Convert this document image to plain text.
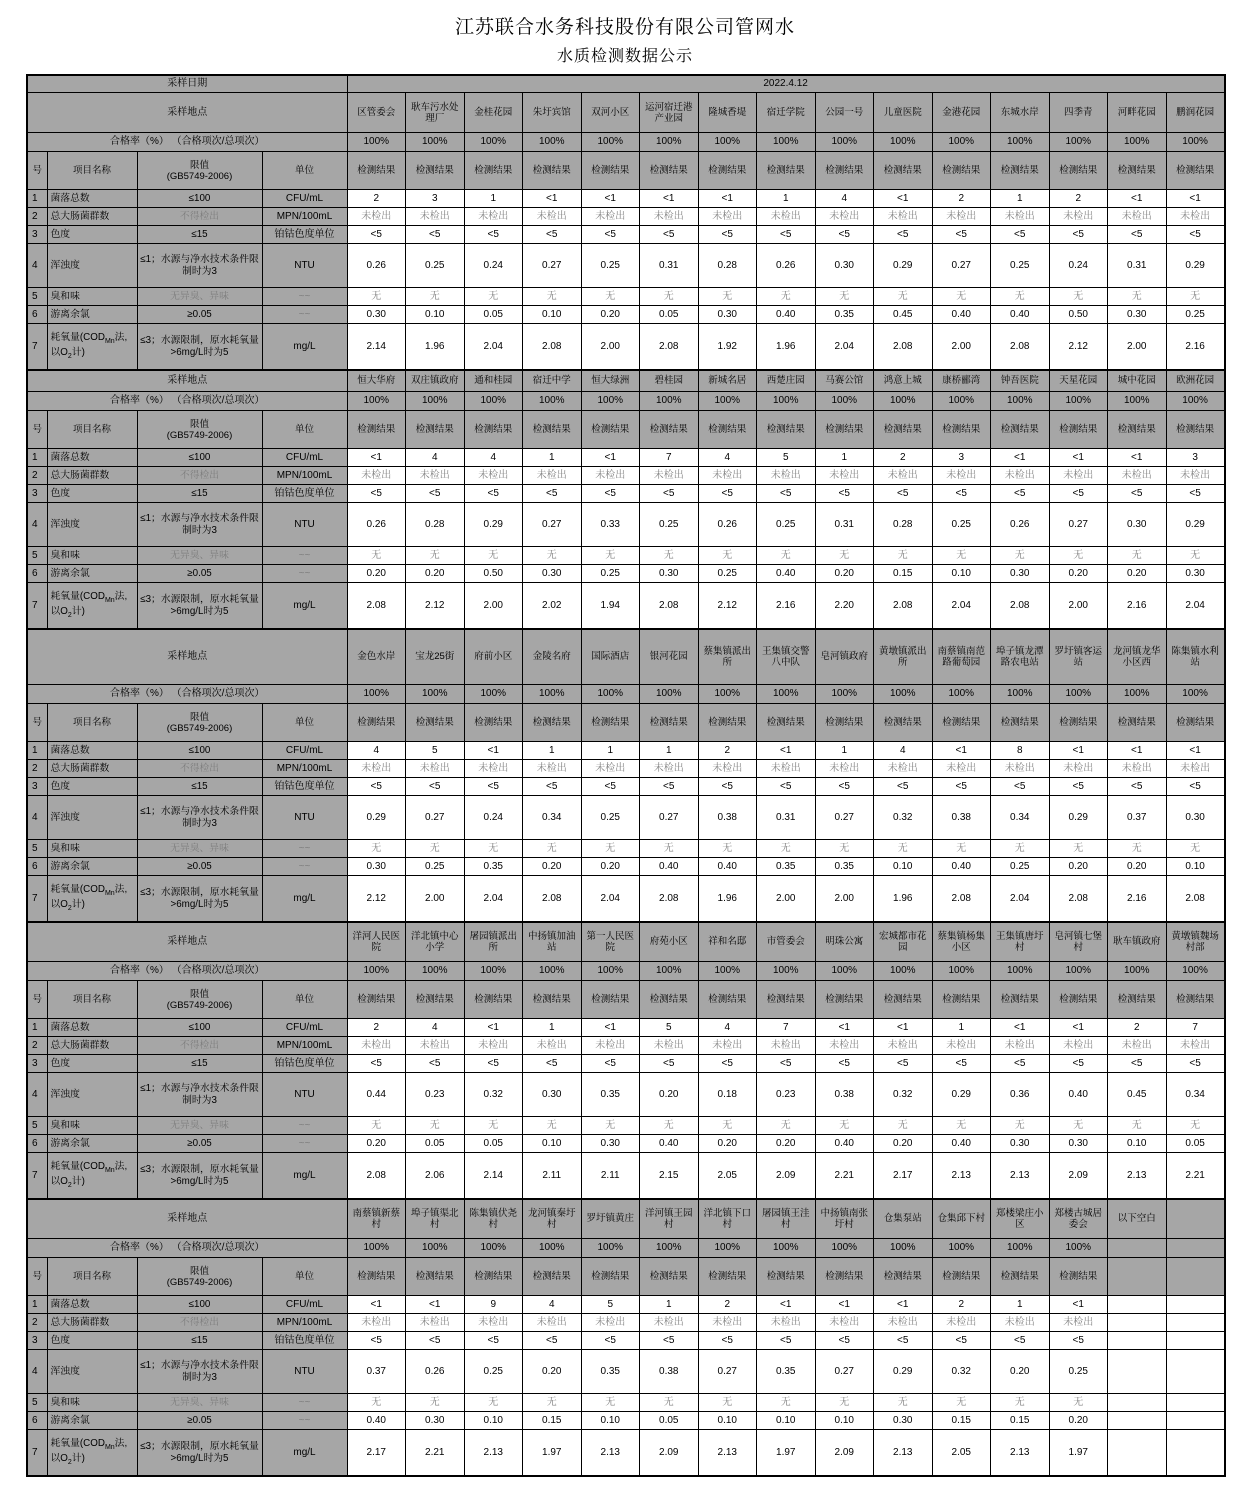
江苏联合水务科技股份有限公司管网水
水质检测数据公示
采样日期				2022.4.12														
采样地点				区管委会	耿车污水处理厂	金桂花园	朱圩宾馆	双河小区	运河宿迁港产业园	隆城香堤	宿迁学院	公园一号	儿童医院	金港花园	东城水岸	四季青	河畔花园	鹏润花园
合格率（%） （合格项次/总项次）				100%	100%	100%	100%	100%	100%	100%	100%	100%	100%	100%	100%	100%	100%	100%
号	项目名称	限值
(GB5749-2006)	单位	检测结果	检测结果	检测结果	检测结果	检测结果	检测结果	检测结果	检测结果	检测结果	检测结果	检测结果	检测结果	检测结果	检测结果	检测结果
1	菌落总数	≤100	CFU/mL	2	3	1	<1	<1	<1	<1	1	4	<1	2	1	2	<1	<1
2	总大肠菌群数	不得检出	MPN/100mL	未检出	未检出	未检出	未检出	未检出	未检出	未检出	未检出	未检出	未检出	未检出	未检出	未检出	未检出	未检出
3	色度	≤15	铂钴色度单位	<5	<5	<5	<5	<5	<5	<5	<5	<5	<5	<5	<5	<5	<5	<5
4	浑浊度	≤1；水源与净水技术条件限制时为3	NTU	0.26	0.25	0.24	0.27	0.25	0.31	0.28	0.26	0.30	0.29	0.27	0.25	0.24	0.31	0.29
5	臭和味	无异臭、异味	~~	无	无	无	无	无	无	无	无	无	无	无	无	无	无	无
6	游离余氯	≥0.05	~~	0.30	0.10	0.05	0.10	0.20	0.05	0.30	0.40	0.35	0.45	0.40	0.40	0.50	0.30	0.25
7	耗氧量($COD_{Mn}$法,以$O_2$计)	≤3；水源限制，原水耗氧量>6mg/L时为5	mg/L	2.14	1.96	2.04	2.08	2.00	2.08	1.92	1.96	2.04	2.08	2.00	2.08	2.12	2.00	2.16
采样地点				恒大华府	双庄镇政府	通和桂园	宿迁中学	恒大绿洲	碧桂园	新城名居	西楚庄园	马赛公馆	鸿意上城	康桥郦湾	钟吾医院	天星花园	城中花园	欧洲花园
合格率（%） （合格项次/总项次）				100%	100%	100%	100%	100%	100%	100%	100%	100%	100%	100%	100%	100%	100%	100%
号	项目名称	限值
(GB5749-2006)	单位	检测结果	检测结果	检测结果	检测结果	检测结果	检测结果	检测结果	检测结果	检测结果	检测结果	检测结果	检测结果	检测结果	检测结果	检测结果
1	菌落总数	≤100	CFU/mL	<1	4	4	1	<1	7	4	5	1	2	3	<1	<1	<1	3
2	总大肠菌群数	不得检出	MPN/100mL	未检出	未检出	未检出	未检出	未检出	未检出	未检出	未检出	未检出	未检出	未检出	未检出	未检出	未检出	未检出
3	色度	≤15	铂钴色度单位	<5	<5	<5	<5	<5	<5	<5	<5	<5	<5	<5	<5	<5	<5	<5
4	浑浊度	≤1；水源与净水技术条件限制时为3	NTU	0.26	0.28	0.29	0.27	0.33	0.25	0.26	0.25	0.31	0.28	0.25	0.26	0.27	0.30	0.29
5	臭和味	无异臭、异味	~~	无	无	无	无	无	无	无	无	无	无	无	无	无	无	无
6	游离余氯	≥0.05	~~	0.20	0.20	0.50	0.30	0.25	0.30	0.25	0.40	0.20	0.15	0.10	0.30	0.20	0.20	0.30
7	耗氧量($COD_{Mn}$法,以$O_2$计)	≤3；水源限制，原水耗氧量>6mg/L时为5	mg/L	2.08	2.12	2.00	2.02	1.94	2.08	2.12	2.16	2.20	2.08	2.04	2.08	2.00	2.16	2.04
采样地点				金色水岸	宝龙25街	府前小区	金陵名府	国际酒店	银河花园	蔡集镇派出所	王集镇交警八中队	皂河镇政府	黄墩镇派出所	南蔡镇南范路葡萄园	埠子镇龙潭路农电站	罗圩镇客运站	龙河镇龙华小区西	陈集镇水利站
合格率（%） （合格项次/总项次）				100%	100%	100%	100%	100%	100%	100%	100%	100%	100%	100%	100%	100%	100%	100%
号	项目名称	限值
(GB5749-2006)	单位	检测结果	检测结果	检测结果	检测结果	检测结果	检测结果	检测结果	检测结果	检测结果	检测结果	检测结果	检测结果	检测结果	检测结果	检测结果
1	菌落总数	≤100	CFU/mL	4	5	<1	1	1	1	2	<1	1	4	<1	8	<1	<1	<1
2	总大肠菌群数	不得检出	MPN/100mL	未检出	未检出	未检出	未检出	未检出	未检出	未检出	未检出	未检出	未检出	未检出	未检出	未检出	未检出	未检出
3	色度	≤15	铂钴色度单位	<5	<5	<5	<5	<5	<5	<5	<5	<5	<5	<5	<5	<5	<5	<5
4	浑浊度	≤1；水源与净水技术条件限制时为3	NTU	0.29	0.27	0.24	0.34	0.25	0.27	0.38	0.31	0.27	0.32	0.38	0.34	0.29	0.37	0.30
5	臭和味	无异臭、异味	~~	无	无	无	无	无	无	无	无	无	无	无	无	无	无	无
6	游离余氯	≥0.05	~~	0.30	0.25	0.35	0.20	0.20	0.40	0.40	0.35	0.35	0.10	0.40	0.25	0.20	0.20	0.10
7	耗氧量($COD_{Mn}$法,以$O_2$计)	≤3；水源限制，原水耗氧量>6mg/L时为5	mg/L	2.12	2.00	2.04	2.08	2.04	2.08	1.96	2.00	2.00	1.96	2.08	2.04	2.08	2.16	2.08
采样地点				洋河人民医院	洋北镇中心小学	屠园镇派出所	中扬镇加油站	第一人民医院	府苑小区	祥和名邸	市管委会	明珠公寓	宏城都市花园	蔡集镇杨集小区	王集镇唐圩村	皂河镇七堡村	耿车镇政府	黄墩镇魏场村部
合格率（%） （合格项次/总项次）				100%	100%	100%	100%	100%	100%	100%	100%	100%	100%	100%	100%	100%	100%	100%
号	项目名称	限值
(GB5749-2006)	单位	检测结果	检测结果	检测结果	检测结果	检测结果	检测结果	检测结果	检测结果	检测结果	检测结果	检测结果	检测结果	检测结果	检测结果	检测结果
1	菌落总数	≤100	CFU/mL	2	4	<1	1	<1	5	4	7	<1	<1	1	<1	<1	2	7
2	总大肠菌群数	不得检出	MPN/100mL	未检出	未检出	未检出	未检出	未检出	未检出	未检出	未检出	未检出	未检出	未检出	未检出	未检出	未检出	未检出
3	色度	≤15	铂钴色度单位	<5	<5	<5	<5	<5	<5	<5	<5	<5	<5	<5	<5	<5	<5	<5
4	浑浊度	≤1；水源与净水技术条件限制时为3	NTU	0.44	0.23	0.32	0.30	0.35	0.20	0.18	0.23	0.38	0.32	0.29	0.36	0.40	0.45	0.34
5	臭和味	无异臭、异味	~~	无	无	无	无	无	无	无	无	无	无	无	无	无	无	无
6	游离余氯	≥0.05	~~	0.20	0.05	0.05	0.10	0.30	0.40	0.20	0.20	0.40	0.20	0.40	0.30	0.30	0.10	0.05
7	耗氧量($COD_{Mn}$法,以$O_2$计)	≤3；水源限制，原水耗氧量>6mg/L时为5	mg/L	2.08	2.06	2.14	2.11	2.11	2.15	2.05	2.09	2.21	2.17	2.13	2.13	2.09	2.13	2.21
采样地点				南蔡镇新蔡村	埠子镇渠北村	陈集镇伏尧村	龙河镇秦圩村	罗圩镇黄庄	洋河镇王园村	洋北镇下口村	屠园镇王洼村	中扬镇南张圩村	仓集泵站	仓集邱下村	郑楼梁庄小区	郑楼古城居委会	以下空白	
合格率（%） （合格项次/总项次）				100%	100%	100%	100%	100%	100%	100%	100%	100%	100%	100%	100%	100%		
号	项目名称	限值
(GB5749-2006)	单位	检测结果	检测结果	检测结果	检测结果	检测结果	检测结果	检测结果	检测结果	检测结果	检测结果	检测结果	检测结果	检测结果		
1	菌落总数	≤100	CFU/mL	<1	<1	9	4	5	1	2	<1	<1	<1	2	1	<1		
2	总大肠菌群数	不得检出	MPN/100mL	未检出	未检出	未检出	未检出	未检出	未检出	未检出	未检出	未检出	未检出	未检出	未检出	未检出		
3	色度	≤15	铂钴色度单位	<5	<5	<5	<5	<5	<5	<5	<5	<5	<5	<5	<5	<5		
4	浑浊度	≤1；水源与净水技术条件限制时为3	NTU	0.37	0.26	0.25	0.20	0.35	0.38	0.27	0.35	0.27	0.29	0.32	0.20	0.25		
5	臭和味	无异臭、异味	~~	无	无	无	无	无	无	无	无	无	无	无	无	无		
6	游离余氯	≥0.05	~~	0.40	0.30	0.10	0.15	0.10	0.05	0.10	0.10	0.10	0.30	0.15	0.15	0.20		
7	耗氧量($COD_{Mn}$法,以$O_2$计)	≤3；水源限制，原水耗氧量>6mg/L时为5	mg/L	2.17	2.21	2.13	1.97	2.13	2.09	2.13	1.97	2.09	2.13	2.05	2.13	1.97		
